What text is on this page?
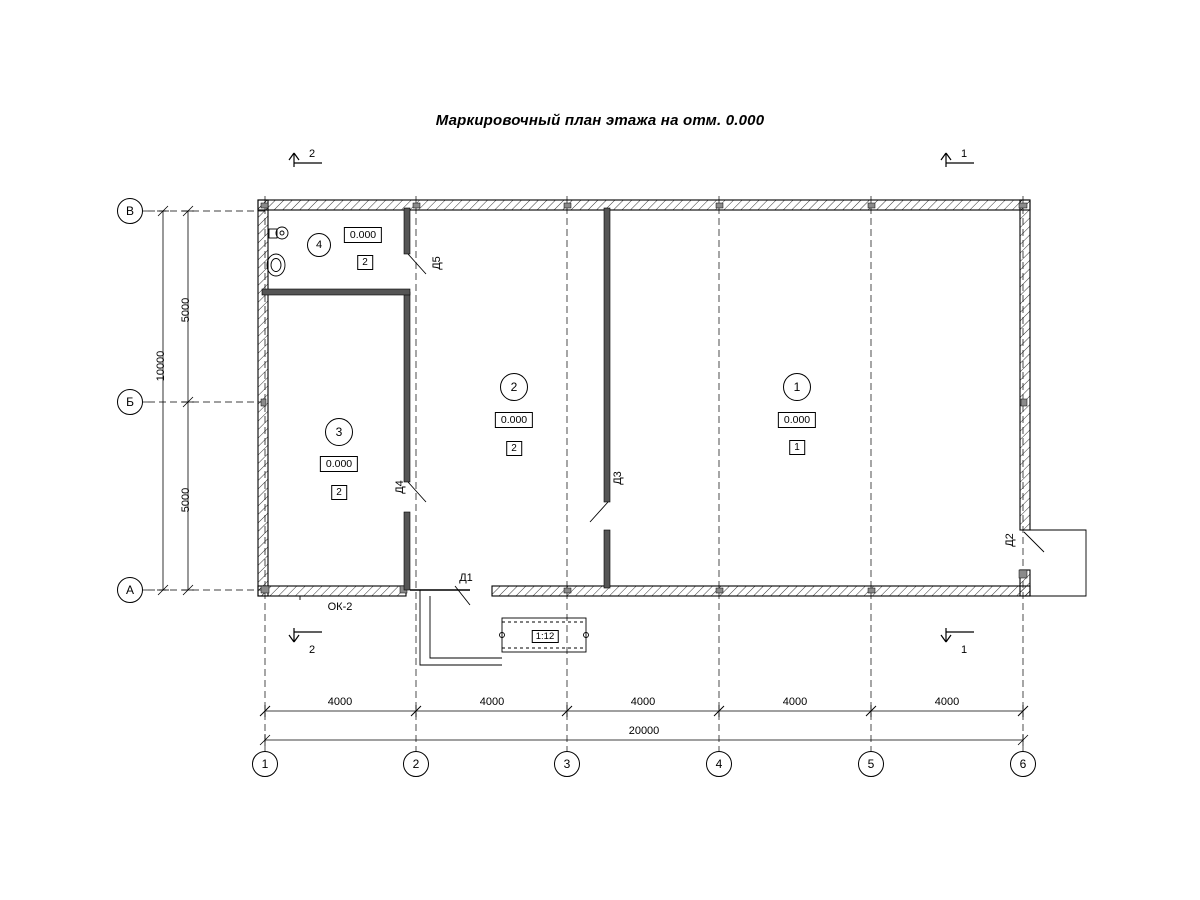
Маркировочный план этажа на отм. 0.000
1	2	3	4	5	6
В
Б
А
4000	4000	4000	4000	4000
20000
5000
5000
10000
1
0.000
1
2
0.000
2
3
0.000
2
4
0.000
2
Д1
Д2
Д3
Д4
Д5
ОК-2
2	1
2	1
1:12
